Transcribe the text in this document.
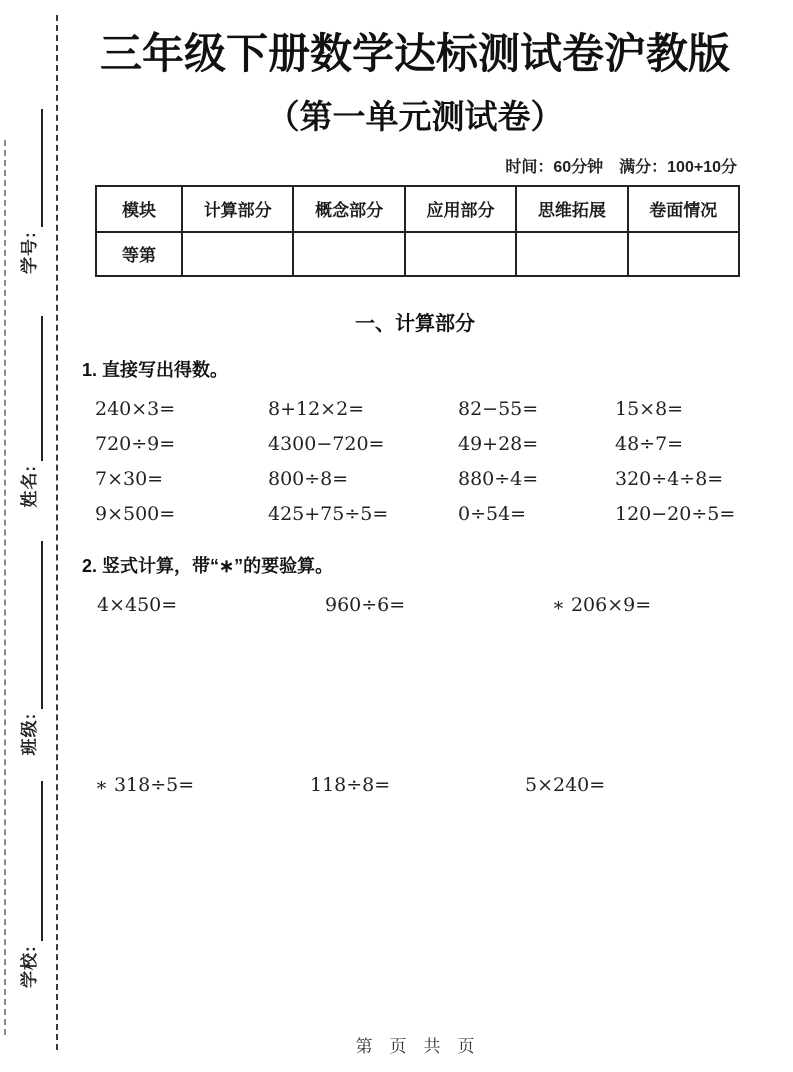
学校:班级:姓名:学号:
三年级下册数学达标测试卷沪教版
（第一单元测试卷）
时间：60分钟　满分：100+10分
模块	计算部分	概念部分	应用部分	思维拓展	卷面情况
等第					
一、计算部分
1. 直接写出得数。
240×3=	8+12×2=	82−55=	15×8=
720÷9=	4300−720=	49+28=	48÷7=
7×30=	800÷8=	880÷4=	320÷4÷8=
9×500=	425+75÷5=	0÷54=	120−20÷5=
2. 竖式计算，带“∗”的要验算。
4×450=	960÷6=	∗ 206×9=
∗ 318÷5=	118÷8=	5×240=
第　页　共　页
